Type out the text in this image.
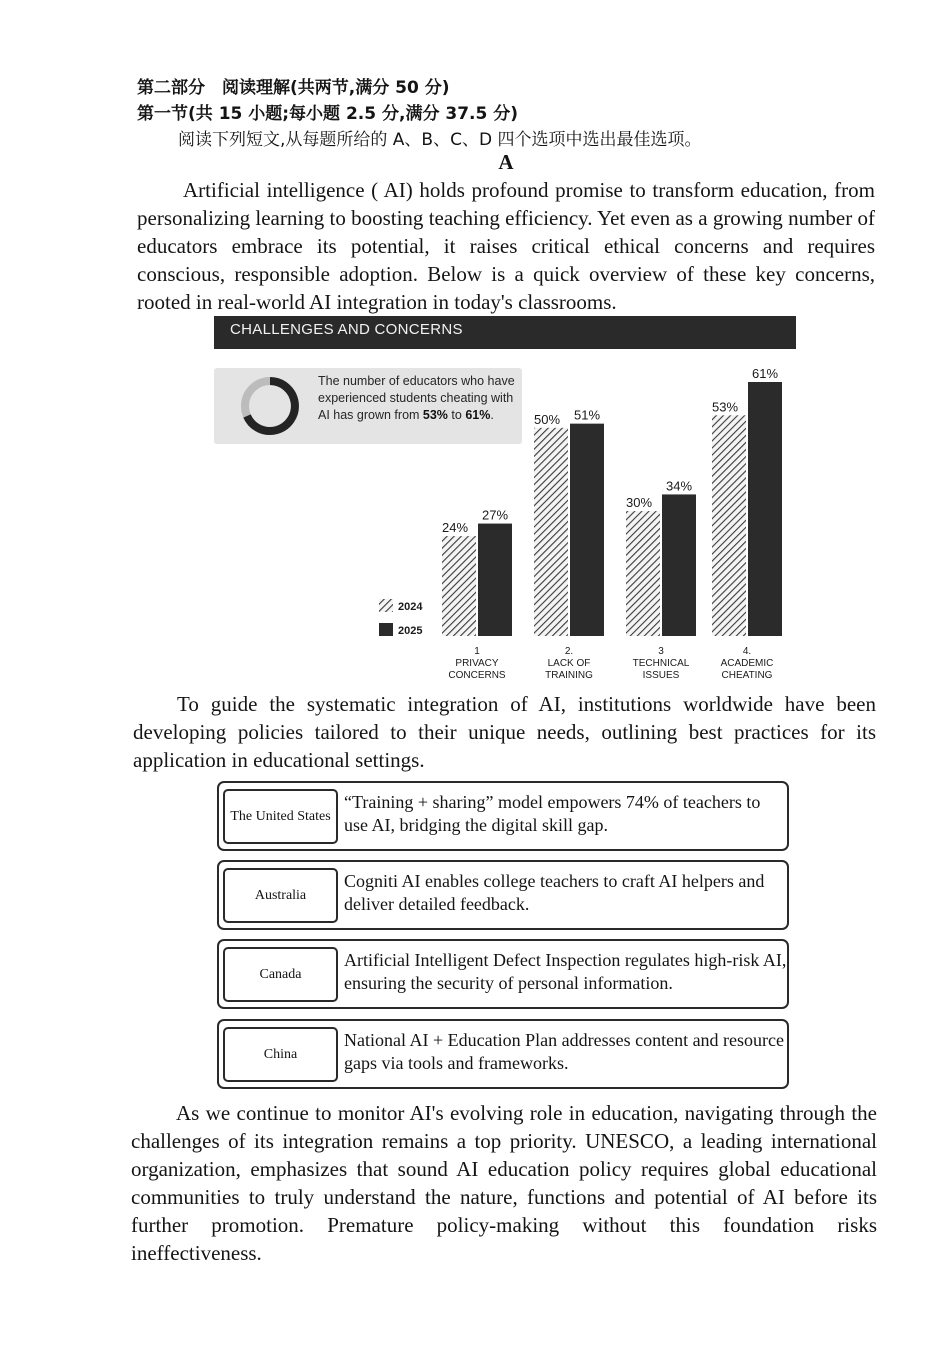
第二部分　阅读理解(共两节,满分 50 分)
第一节(共 15 小题;每小题 2.5 分,满分 37.5 分)
阅读下列短文,从每题所给的 A、B、C、D 四个选项中选出最佳选项。
A
Artificial intelligence ( AI) holds profound promise to transform education, from personalizing learning to boosting teaching efficiency. Yet even as a growing number of educators embrace its potential, it raises critical ethical concerns and requires conscious, responsible adoption. Below is a quick overview of these key concerns, rooted in real-world AI integration in today's classrooms.
CHALLENGES AND CONCERNS
24%
27%
1
PRIVACY
CONCERNS
50% 51%
2.
LACK OF
TRAINING
30%
34%
3
TECHNICAL
ISSUES
53%
61%
4.
ACADEMIC
CHEATING
2024
2025
The number of educators who have experienced students cheating with AI has grown from 53% to 61%.
To guide the systematic integration of AI, institutions worldwide have been developing policies tailored to their unique needs, outlining best practices for its application in educational settings.
The United States
“Training + sharing” model empowers 74% of teachers to use AI, bridging the digital skill gap.
Australia
Cogniti AI enables college teachers to craft AI helpers and deliver detailed feedback.
Canada
Artificial Intelligent Defect Inspection regulates high-risk AI, ensuring the security of personal information.
China
National AI + Education Plan addresses content and resource gaps via tools and frameworks.
As we continue to monitor AI's evolving role in education, navigating through the challenges of its integration remains a top priority. UNESCO, a leading international organization, emphasizes that sound AI education policy requires global educational communities to truly understand the nature, functions and potential of AI before its further promotion. Premature policy-making without this foundation risks ineffectiveness.
